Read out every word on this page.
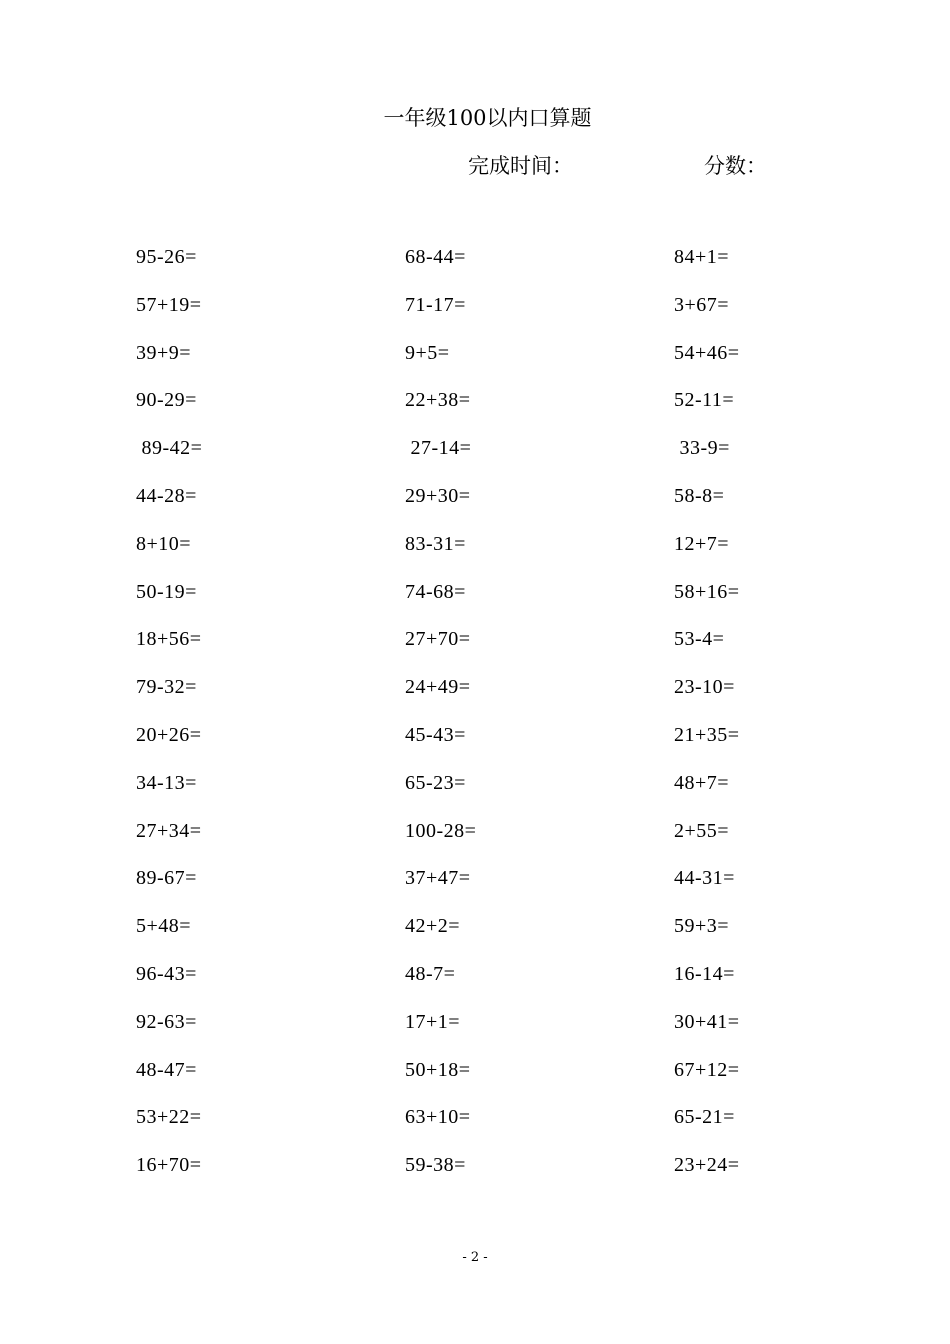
一年级100以内口算题
完成时间：	分数：
95-26=	68-44=	84+1=
57+19=	71-17=	3+67=
39+9=	9+5=	54+46=
90-29=	22+38=	52-11=
89-42=	27-14=	33-9=
44-28=	29+30=	58-8=
8+10=	83-31=	12+7=
50-19=	74-68=	58+16=
18+56=	27+70=	53-4=
79-32=	24+49=	23-10=
20+26=	45-43=	21+35=
34-13=	65-23=	48+7=
27+34=	100-28=	2+55=
89-67=	37+47=	44-31=
5+48=	42+2=	59+3=
96-43=	48-7=	16-14=
92-63=	17+1=	30+41=
48-47=	50+18=	67+12=
53+22=	63+10=	65-21=
16+70=	59-38=	23+24=
- 2 -
